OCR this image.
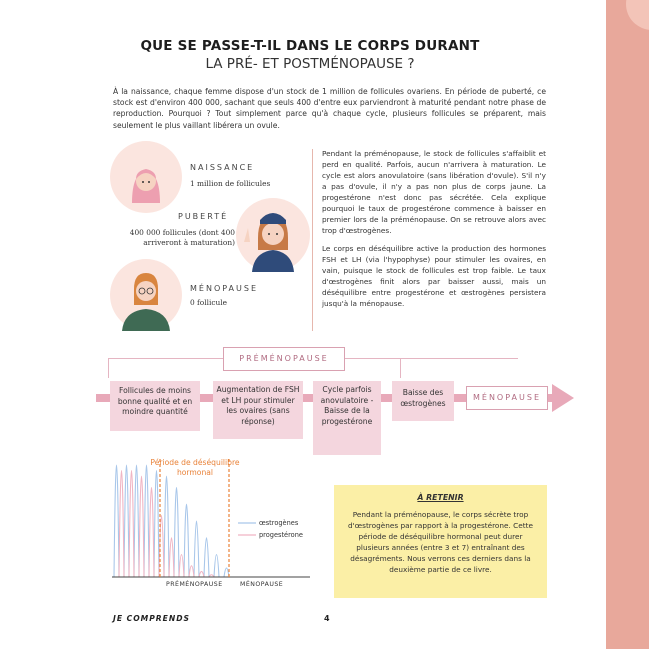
QUE SE PASSE-T-IL DANS LE CORPS DURANT
LA PRÉ- ET POSTMÉNOPAUSE ?
À la naissance, chaque femme dispose d'un stock de 1 million de follicules ovariens. En période de puberté, ce stock est d'environ 400 000, sachant que seuls 400 d'entre eux parviendront à maturité pendant notre phase de reproduction. Pourquoi ? Tout simplement parce qu'à chaque cycle, plusieurs follicules se préparent, mais seulement le plus vaillant libérera un ovule.
NAISSANCE
1 million de follicules
PUBERTÉ
400 000 follicules (dont 400 arriveront à maturation)
MÉNOPAUSE
0 follicule

Pendant la préménopause, le stock de follicules s'affaiblit et perd en qualité. Parfois, aucun n'arrivera à maturation. Le cycle est alors anovulatoire (sans libération d'ovule). S'il n'y a pas d'ovule, il n'y a pas non plus de corps jaune. La progestérone n'est donc pas sécrétée. Cela explique pourquoi le taux de progestérone commence à baisser en premier lors de la préménopause. On se retrouve alors avec trop d'œstrogènes.

Le corps en déséquilibre active la production des hormones FSH et LH (via l'hypophyse) pour stimuler les ovaires, en vain, puisque le stock de follicules est trop faible. Le taux d'œstrogènes finit alors par baisser aussi, mais un déséquilibre entre progestérone et œstrogènes persistera jusqu'à la ménopause.

PRÉMÉNOPAUSE
Follicules de moins bonne qualité et en moindre quantité
Augmentation de FSH et LH pour stimuler les ovaires (sans réponse)
Cycle parfois anovulatoire - Baisse de la progestérone
Baisse des œstrogènes
MÉNOPAUSE
Période de déséquilibre hormonal
œstrogènes
progestérone
PRÉMÉNOPAUSE	MÉNOPAUSE
À RETENIR
Pendant la préménopause, le corps sécrète trop d'œstrogènes par rapport à la progestérone. Cette période de déséquilibre hormonal peut durer plusieurs années (entre 3 et 7) entraînant des désagréments. Nous verrons ces derniers dans la deuxième partie de ce livre.
JE COMPRENDS	4
